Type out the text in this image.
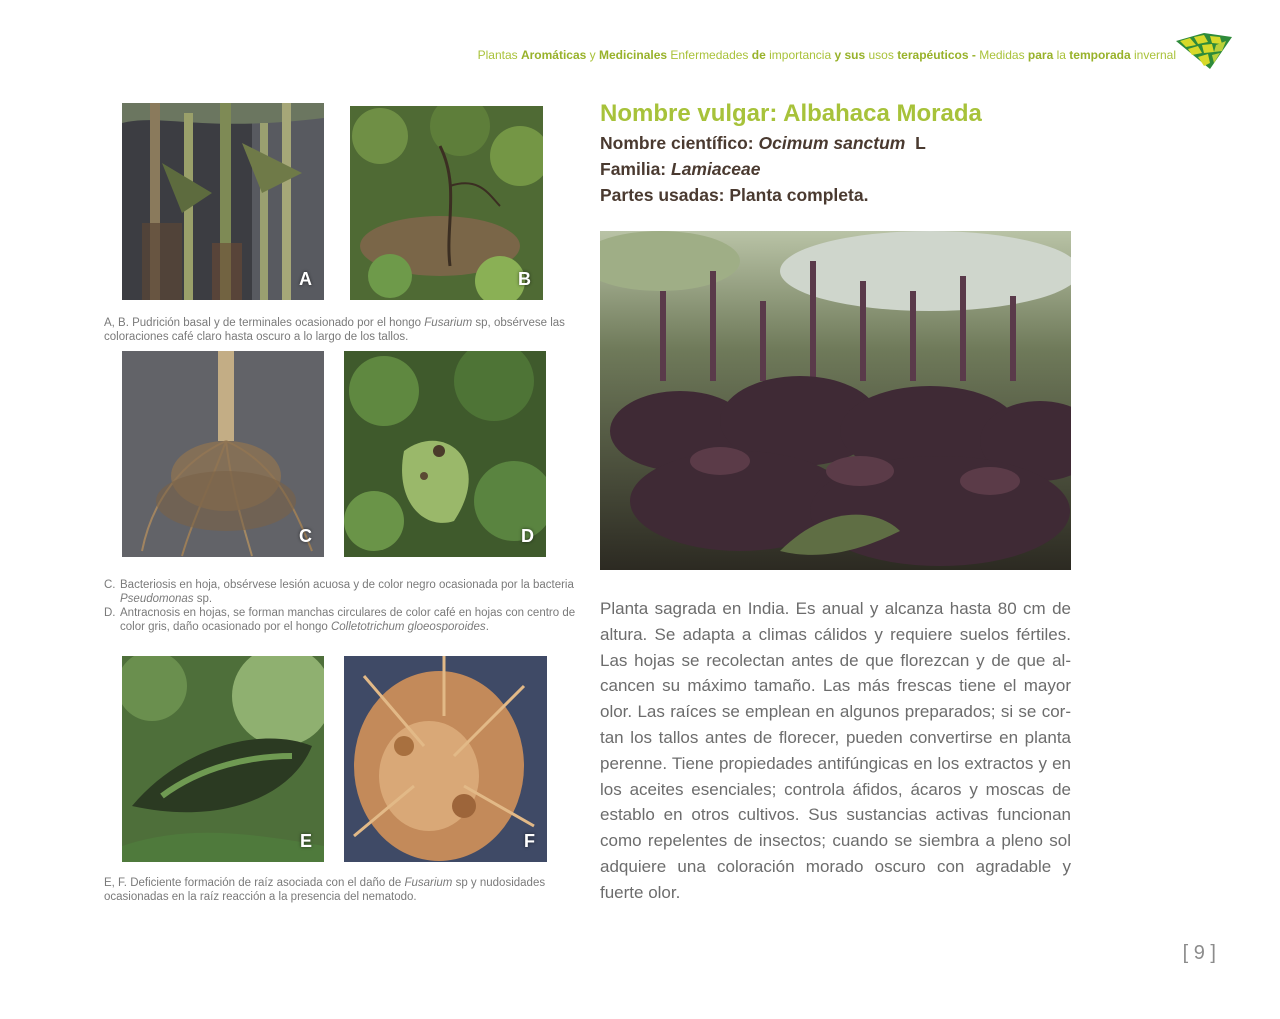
Plantas Aromáticas y Medicinales Enfermedades de importancia y sus usos terapéuticos - Medidas para la temporada invernal
A	B
A, B. Pudrición basal y de terminales ocasionado por el hongo Fusarium sp, obsérvese las coloraciones café claro hasta oscuro a lo largo de los tallos.
C	D
C. Bacteriosis en hoja, obsérvese lesión acuosa y de color negro ocasionada por la bacteria Pseudomonas sp.
D. Antracnosis en hojas, se forman manchas circulares de color café en hojas con centro de color gris, daño ocasionado por el hongo Colletotrichum gloeosporoides.
E	F
E, F. Deficiente formación de raíz asociada con el daño de Fusarium sp y nudosidades ocasionadas en la raíz reacción a la presencia del nematodo.
Nombre vulgar: Albahaca Morada
Nombre científico: Ocimum sanctum  L
Familia: Lamiaceae
Partes usadas: Planta completa.
Planta sagrada en India. Es anual y alcanza hasta 80 cm de altura. Se adapta a climas cálidos y requiere suelos fértiles. Las hojas se recolectan antes de que florezcan y de que alcancen su máximo tamaño. Las más frescas tiene el mayor olor. Las raíces se emplean en algunos preparados; si se cortan los tallos antes de florecer, pueden convertirse en planta perenne. Tiene propiedades antifúngicas en los extractos y en los aceites esenciales; controla áfidos, ácaros y moscas de establo en otros cultivos. Sus sustancias activas funcionan como repelentes de insectos; cuando se siembra a pleno sol adquiere una coloración morado oscuro con agradable y fuerte olor.
[ 9 ]
